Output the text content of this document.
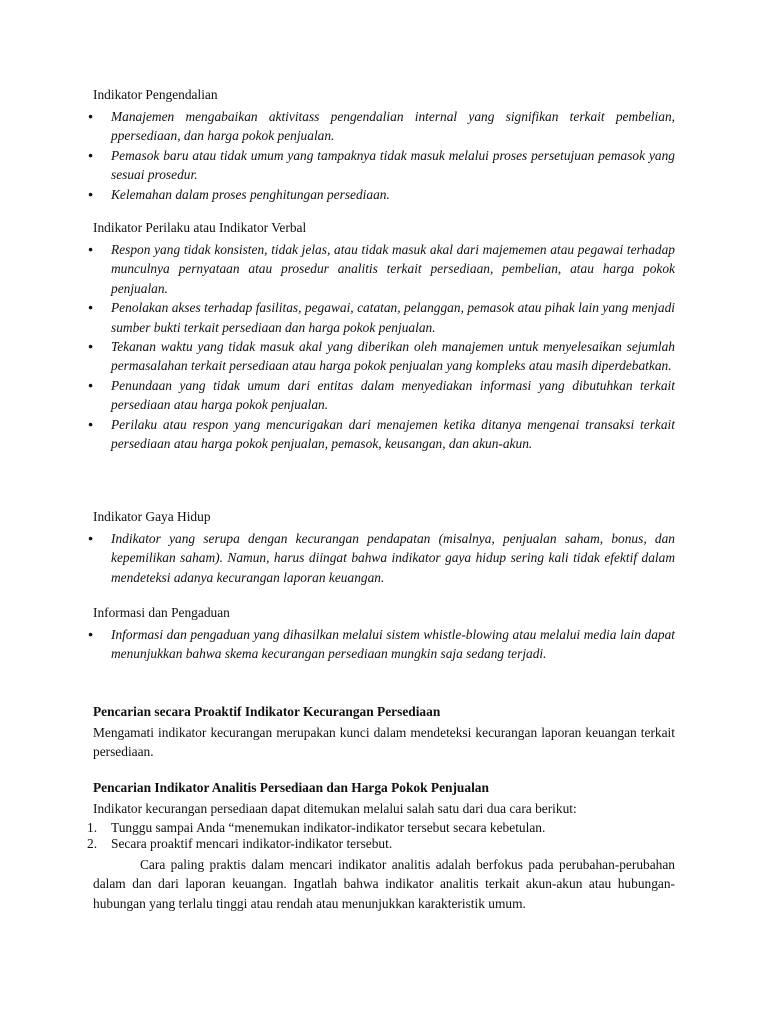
Indikator Pengendalian
● Manajemen mengabaikan aktivitass pengendalian internal yang signifikan terkait pembelian, ppersediaan, dan harga pokok penjualan.
● Pemasok baru atau tidak umum yang tampaknya tidak masuk melalui proses persetujuan pemasok yang sesuai prosedur.
● Kelemahan dalam proses penghitungan persediaan.
Indikator Perilaku atau Indikator Verbal
● Respon yang tidak konsisten, tidak jelas, atau tidak masuk akal dari majememen atau pegawai terhadap munculnya pernyataan atau prosedur analitis terkait persediaan, pembelian, atau harga pokok penjualan.
● Penolakan akses terhadap fasilitas, pegawai, catatan, pelanggan, pemasok atau pihak lain yang menjadi sumber bukti terkait persediaan dan harga pokok penjualan.
● Tekanan waktu yang tidak masuk akal yang diberikan oleh manajemen untuk menyelesaikan sejumlah permasalahan terkait persediaan atau harga pokok penjualan yang kompleks atau masih diperdebatkan.
● Penundaan yang tidak umum dari entitas dalam menyediakan informasi yang dibutuhkan terkait persediaan atau harga pokok penjualan.
● Perilaku atau respon yang mencurigakan dari menajemen ketika ditanya mengenai transaksi terkait persediaan atau harga pokok penjualan, pemasok, keusangan, dan akun-akun.
Indikator Gaya Hidup
● Indikator yang serupa dengan kecurangan pendapatan (misalnya, penjualan saham, bonus, dan kepemilikan saham). Namun, harus diingat bahwa indikator gaya hidup sering kali tidak efektif dalam mendeteksi adanya kecurangan laporan keuangan.
Informasi dan Pengaduan
● Informasi dan pengaduan yang dihasilkan melalui sistem whistle-blowing atau melalui media lain dapat menunjukkan bahwa skema kecurangan persediaan mungkin saja sedang terjadi.
Pencarian secara Proaktif Indikator Kecurangan Persediaan

Mengamati indikator kecurangan merupakan kunci dalam mendeteksi kecurangan laporan keuangan terkait persediaan.

Pencarian Indikator Analitis Persediaan dan Harga Pokok Penjualan

Indikator kecurangan persediaan dapat ditemukan melalui salah satu dari dua cara berikut:

1. Tunggu sampai Anda “menemukan indikator-indikator tersebut secara kebetulan.
2. Secara proaktif mencari indikator-indikator tersebut.

Cara paling praktis dalam mencari indikator analitis adalah berfokus pada perubahan-perubahan dalam dan dari laporan keuangan. Ingatlah bahwa indikator analitis terkait akun-akun atau hubungan-hubungan yang terlalu tinggi atau rendah atau menunjukkan karakteristik umum.
